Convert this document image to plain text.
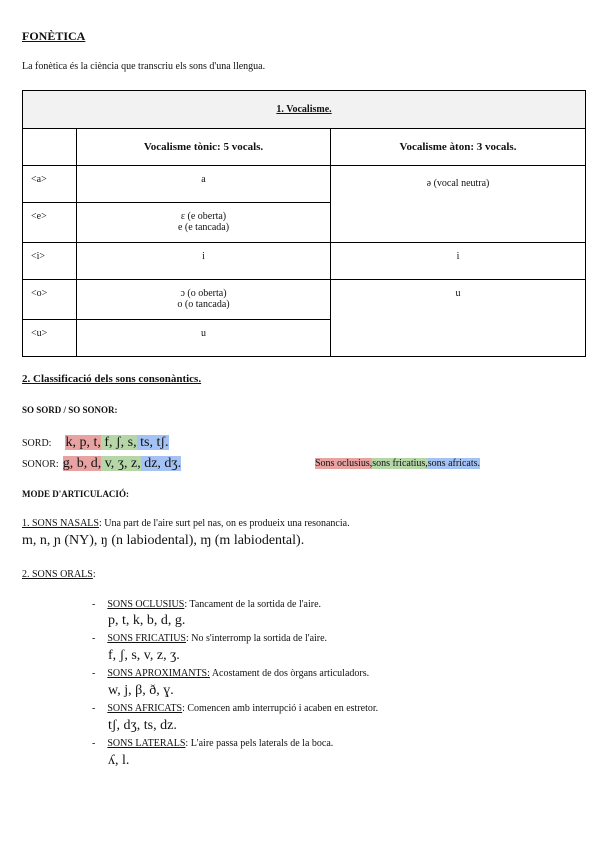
FONÈTICA
La fonètica és la ciència que transcriu els sons d'una llengua.
1. Vocalisme.		
	Vocalisme tònic: 5 vocals.	Vocalisme àton: 3 vocals.
<a>	a	ə (vocal neutra)
<e>	ɛ (e oberta)
e (e tancada)	

<i>	i	i
<o>	ɔ (o oberta)
o (o tancada)	u
<u>	u	
2. Classificació dels sons consonàntics.
SO SORD / SO SONOR:
SORD: k, p, t, f, ʃ, s, ts, tʃ.
SONOR: g, b, d, v, ʒ, z, dz, dʒ.	Sons oclusius,sons fricatius,sons africats.
MODE D'ARTICULACIÓ:
1. SONS NASALS: Una part de l'aire surt pel nas, on es produeix una resonancia.
m, n, ɲ (NY), ŋ (n labiodental), ɱ (m labiodental).
2. SONS ORALS:
- SONS OCLUSIUS: Tancament de la sortida de l'aire.
p, t, k, b, d, g.
- SONS FRICATIUS: No s'interromp la sortida de l'aire.
f, ʃ, s, v, z, ʒ.
- SONS APROXIMANTS: Acostament de dos òrgans articuladors.
w, j, β, ð, ɣ.
- SONS AFRICATS: Comencen amb interrupció i acaben en estretor.
tʃ, dʒ, ts, dz.
- SONS LATERALS: L'aire passa pels laterals de la boca.
ʎ, l.
